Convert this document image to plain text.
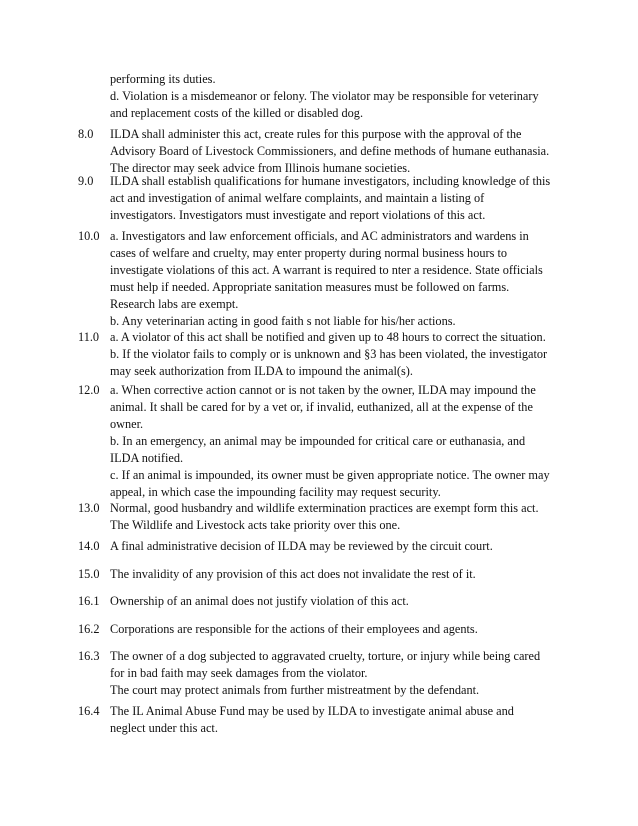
performing its duties.
d. Violation is a misdemeanor or felony. The violator may be responsible for veterinary
and replacement costs of the killed or disabled dog.
8.0	ILDA shall administer this act, create rules for this purpose with the approval of the
Advisory Board of Livestock Commissioners, and define methods of humane euthanasia.
The director may seek advice from Illinois humane societies.
9.0	ILDA shall establish qualifications for humane investigators, including knowledge of this
act and investigation of animal welfare complaints, and maintain a listing of
investigators. Investigators must investigate and report violations of this act.
10.0 a. Investigators and law enforcement officials, and AC administrators and wardens in
cases of welfare and cruelty, may enter property during normal business hours to
investigate violations of this act. A warrant is required to nter a residence. State officials
must help if needed. Appropriate sanitation measures must be followed on farms.
Research labs are exempt.
b. Any veterinarian acting in good faith s not liable for his/her actions.
11.0 a. A violator of this act shall be notified and given up to 48 hours to correct the situation.
b. If the violator fails to comply or is unknown and §3 has been violated, the investigator
may seek authorization from ILDA to impound the animal(s).
12.0 a. When corrective action cannot or is not taken by the owner, ILDA may impound the
animal. It shall be cared for by a vet or, if invalid, euthanized, all at the expense of the
owner.
b. In an emergency, an animal may be impounded for critical care or euthanasia, and
ILDA notified.
c. If an animal is impounded, its owner must be given appropriate notice. The owner may
appeal, in which case the impounding facility may request security.
13.0 Normal, good husbandry and wildlife extermination practices are exempt form this act.
The Wildlife and Livestock acts take priority over this one.
14.0 A final administrative decision of ILDA may be reviewed by the circuit court.
15.0 The invalidity of any provision of this act does not invalidate the rest of it.
16.1 Ownership of an animal does not justify violation of this act.
16.2 Corporations are responsible for the actions of their employees and agents.
16.3 The owner of a dog subjected to aggravated cruelty, torture, or injury while being cared
for in bad faith may seek damages from the violator.
The court may protect animals from further mistreatment by the defendant.
16.4 The IL Animal Abuse Fund may be used by ILDA to investigate animal abuse and
neglect under this act.
